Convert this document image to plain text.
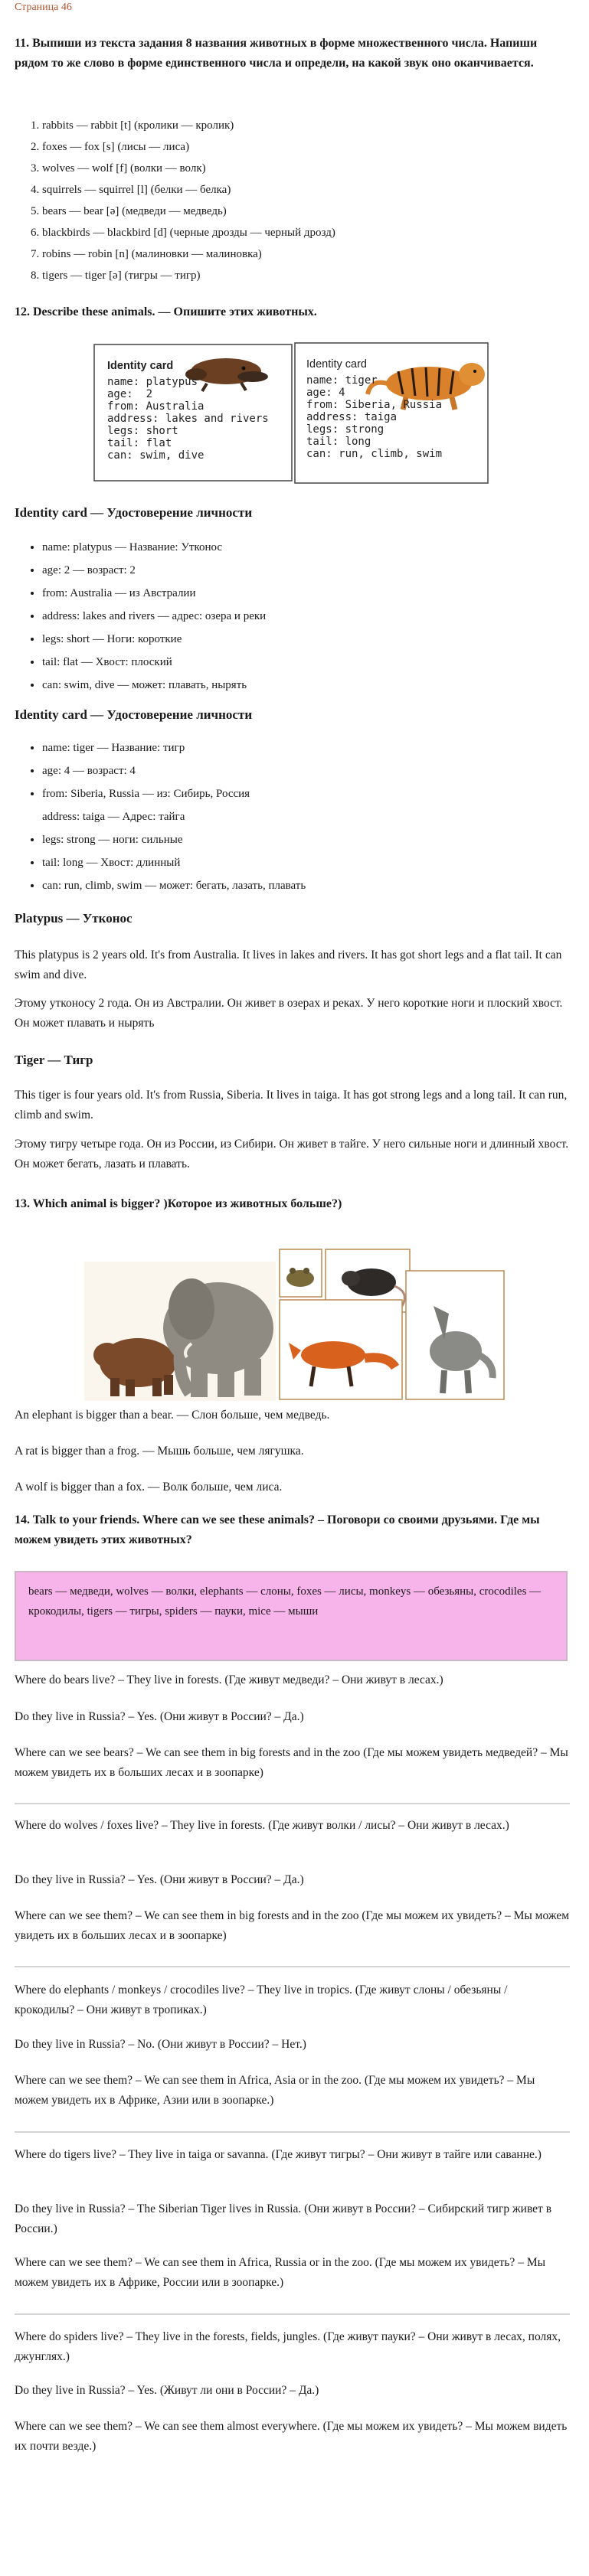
Страница 46

11. Выпиши из текста задания 8 названия животных в форме множественного числа. Напиши рядом то же слово в форме единственного числа и определи, на какой звук оно оканчивается.

1. rabbits — rabbit [t] (кролики — кролик)
2. foxes — fox [s] (лисы — лиса)
3. wolves — wolf [f] (волки — волк)
4. squirrels — squirrel [l] (белки — белка)
5. bears — bear [ə] (медведи — медведь)
6. blackbirds — blackbird [d] (черные дрозды — черный дрозд)
7. robins — robin [n] (малиновки — малиновка)
8. tigers — tiger [ə] (тигры — тигр)

12. Describe these animals. — Опишите этих животных.

Identity card
name: platypus
age:  2
from: Australia
address: lakes and rivers
legs: short
tail: flat
can: swim, dive
Identity card
name: tiger
age: 4
from: Siberia, Russia
address: taiga
legs: strong
tail: long
can: run, climb, swim

Identity card — Удостоверение личности

• name: platypus — Название: Утконос
• age: 2 — возраст: 2
• from: Australia — из Австралии
• address: lakes and rivers — адрес: озера и реки
• legs: short — Ноги: короткие
• tail: flat — Хвост: плоский
• can: swim, dive — может: плавать, нырять

Identity card — Удостоверение личности

• name: tiger — Название: тигр
• age: 4 — возраст: 4
• from: Siberia, Russia — из: Сибирь, Россия
address: taiga — Адрес: тайга
• legs: strong — ноги: сильные
• tail: long — Хвост: длинный
• can: run, climb, swim — может: бегать, лазать, плавать

Platypus — Утконос

This platypus is 2 years old. It's from Australia. It lives in lakes and rivers. It has got short legs and a flat tail. It can swim and dive.

Этому утконосу 2 года. Он из Австралии. Он живет в озерах и реках. У него короткие ноги и плоский хвост. Он может плавать и нырять

Tiger — Тигр

This tiger is four years old. It's from Russia, Siberia. It lives in taiga. It has got strong legs and a long tail. It can run, climb and swim.

Этому тигру четыре года. Он из России, из Сибири. Он живет в тайге. У него сильные ноги и длинный хвост. Он может бегать, лазать и плавать.

13. Which animal is bigger? )Которое из животных больше?)

An elephant is bigger than a bear. — Слон больше, чем медведь.

A rat is bigger than a frog. — Мышь больше, чем лягушка.

A wolf is bigger than a fox. — Волк больше, чем лиса.

14. Talk to your friends. Where can we see these animals? – Поговори со своими друзьями. Где мы можем увидеть этих животных?

bears — медведи, wolves — волки, elephants — слоны, foxes — лисы, monkeys — обезьяны, crocodiles — крокодилы, tigers — тигры, spiders — пауки, mice — мыши

Where do bears live? – They live in forests. (Где живут медведи? – Они живут в лесах.)

Do they live in Russia? – Yes. (Они живут в России? – Да.)

Where can we see bears? – We can see them in big forests and in the zoo (Где мы можем увидеть медведей? – Мы можем увидеть их в больших лесах и в зоопарке)

Where do wolves / foxes live? – They live in forests. (Где живут волки / лисы? – Они живут в лесах.)

Do they live in Russia? – Yes. (Они живут в России? – Да.)

Where can we see them? – We can see them in big forests and in the zoo (Где мы можем их увидеть? – Мы можем увидеть их в больших лесах и в зоопарке)

Where do elephants / monkeys / crocodiles live? – They live in tropics. (Где живут слоны / обезьяны / крокодилы? – Они живут в тропиках.)

Do they live in Russia? – No. (Они живут в России? – Нет.)

Where can we see them? – We can see them in Africa, Asia or in the zoo. (Где мы можем их увидеть? – Мы можем увидеть их в Африке, Азии или в зоопарке.)

Where do tigers live? – They live in taiga or savanna. (Где живут тигры? – Они живут в тайге или саванне.)

Do they live in Russia? – The Siberian Tiger lives in Russia. (Они живут в России? – Сибирский тигр живет в России.)

Where can we see them? – We can see them in Africa, Russia or in the zoo. (Где мы можем их увидеть? – Мы можем увидеть их в Африке, России или в зоопарке.)

Where do spiders live? – They live in the forests, fields, jungles. (Где живут пауки? – Они живут в лесах, полях, джунглях.)

Do they live in Russia? – Yes. (Живут ли они в России? – Да.)

Where can we see them? – We can see them almost everywhere. (Где мы можем их увидеть? – Мы можем видеть их почти везде.)
